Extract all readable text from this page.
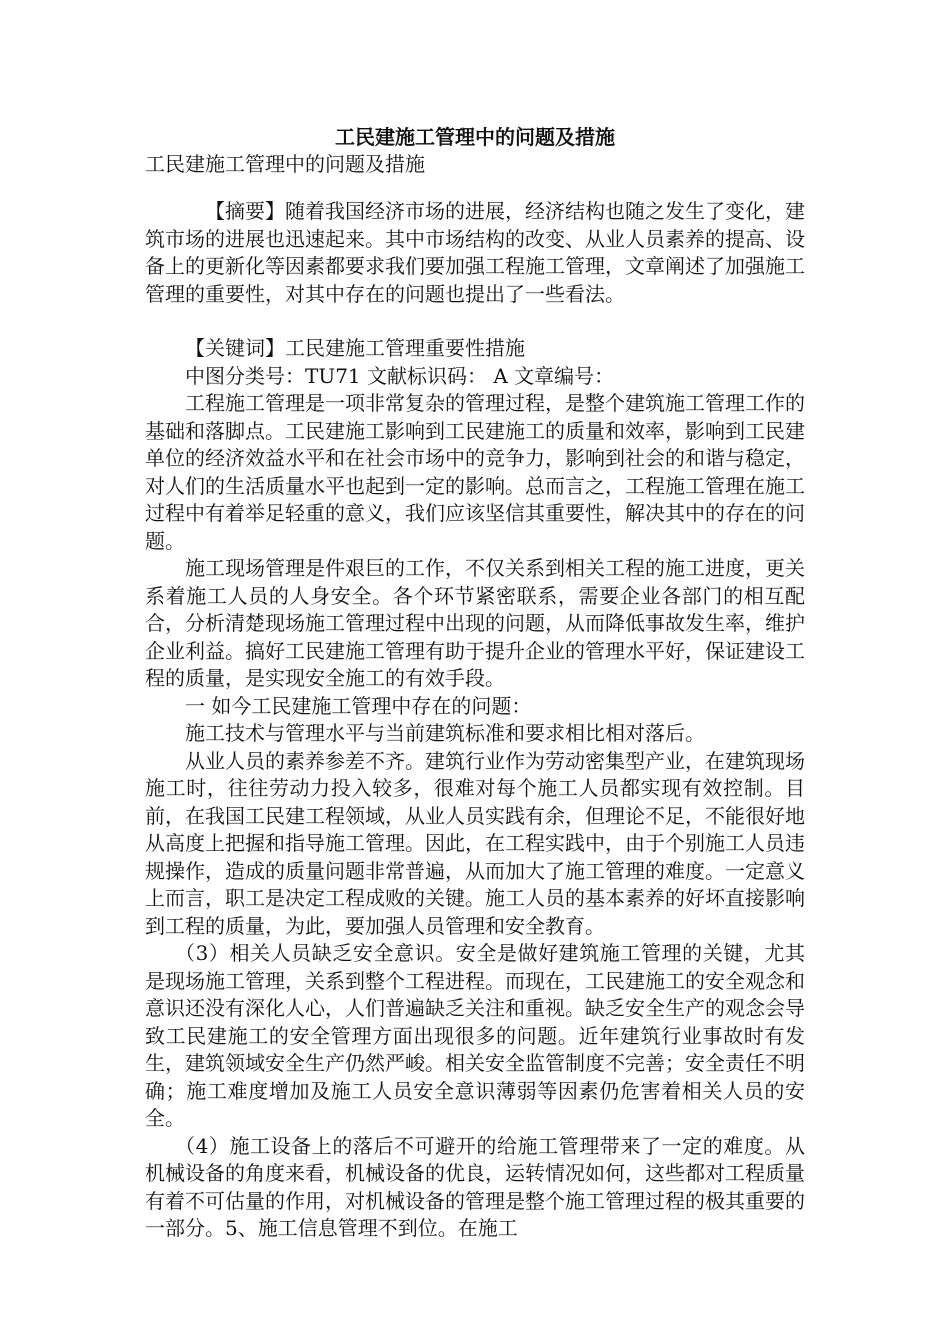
工民建施工管理中的问题及措施

工民建施工管理中的问题及措施

【摘要】随着我国经济市场的进展，经济结构也随之发生了变化，建筑市场的进展也迅速起来。其中市场结构的改变、从业人员素养的提高、设备上的更新化等因素都要求我们要加强工程施工管理，文章阐述了加强施工管理的重要性，对其中存在的问题也提出了一些看法。

【关键词】工民建施工管理重要性措施

中图分类号：TU71 文献标识码： A 文章编号：

工程施工管理是一项非常复杂的管理过程，是整个建筑施工管理工作的基础和落脚点。工民建施工影响到工民建施工的质量和效率，影响到工民建单位的经济效益水平和在社会市场中的竞争力，影响到社会的和谐与稳定，对人们的生活质量水平也起到一定的影响。总而言之，工程施工管理在施工过程中有着举足轻重的意义，我们应该坚信其重要性，解决其中的存在的问题。

施工现场管理是件艰巨的工作，不仅关系到相关工程的施工进度，更关系着施工人员的人身安全。各个环节紧密联系，需要企业各部门的相互配合，分析清楚现场施工管理过程中出现的问题，从而降低事故发生率，维护企业利益。搞好工民建施工管理有助于提升企业的管理水平好，保证建设工程的质量，是实现安全施工的有效手段。

一 如今工民建施工管理中存在的问题：

施工技术与管理水平与当前建筑标准和要求相比相对落后。

从业人员的素养参差不齐。建筑行业作为劳动密集型产业，在建筑现场施工时，往往劳动力投入较多，很难对每个施工人员都实现有效控制。目前，在我国工民建工程领域，从业人员实践有余，但理论不足，不能很好地从高度上把握和指导施工管理。因此，在工程实践中，由于个别施工人员违规操作，造成的质量问题非常普遍，从而加大了施工管理的难度。一定意义上而言，职工是决定工程成败的关键。施工人员的基本素养的好坏直接影响到工程的质量，为此，要加强人员管理和安全教育。

（3）相关人员缺乏安全意识。安全是做好建筑施工管理的关键，尤其是现场施工管理，关系到整个工程进程。而现在，工民建施工的安全观念和意识还没有深化人心，人们普遍缺乏关注和重视。缺乏安全生产的观念会导致工民建施工的安全管理方面出现很多的问题。近年建筑行业事故时有发生，建筑领域安全生产仍然严峻。相关安全监管制度不完善；安全责任不明确；施工难度增加及施工人员安全意识薄弱等因素仍危害着相关人员的安全。

（4）施工设备上的落后不可避开的给施工管理带来了一定的难度。从机械设备的角度来看，机械设备的优良，运转情况如何，这些都对工程质量有着不可估量的作用，对机械设备的管理是整个施工管理过程的极其重要的一部分。5、施工信息管理不到位。在施工
